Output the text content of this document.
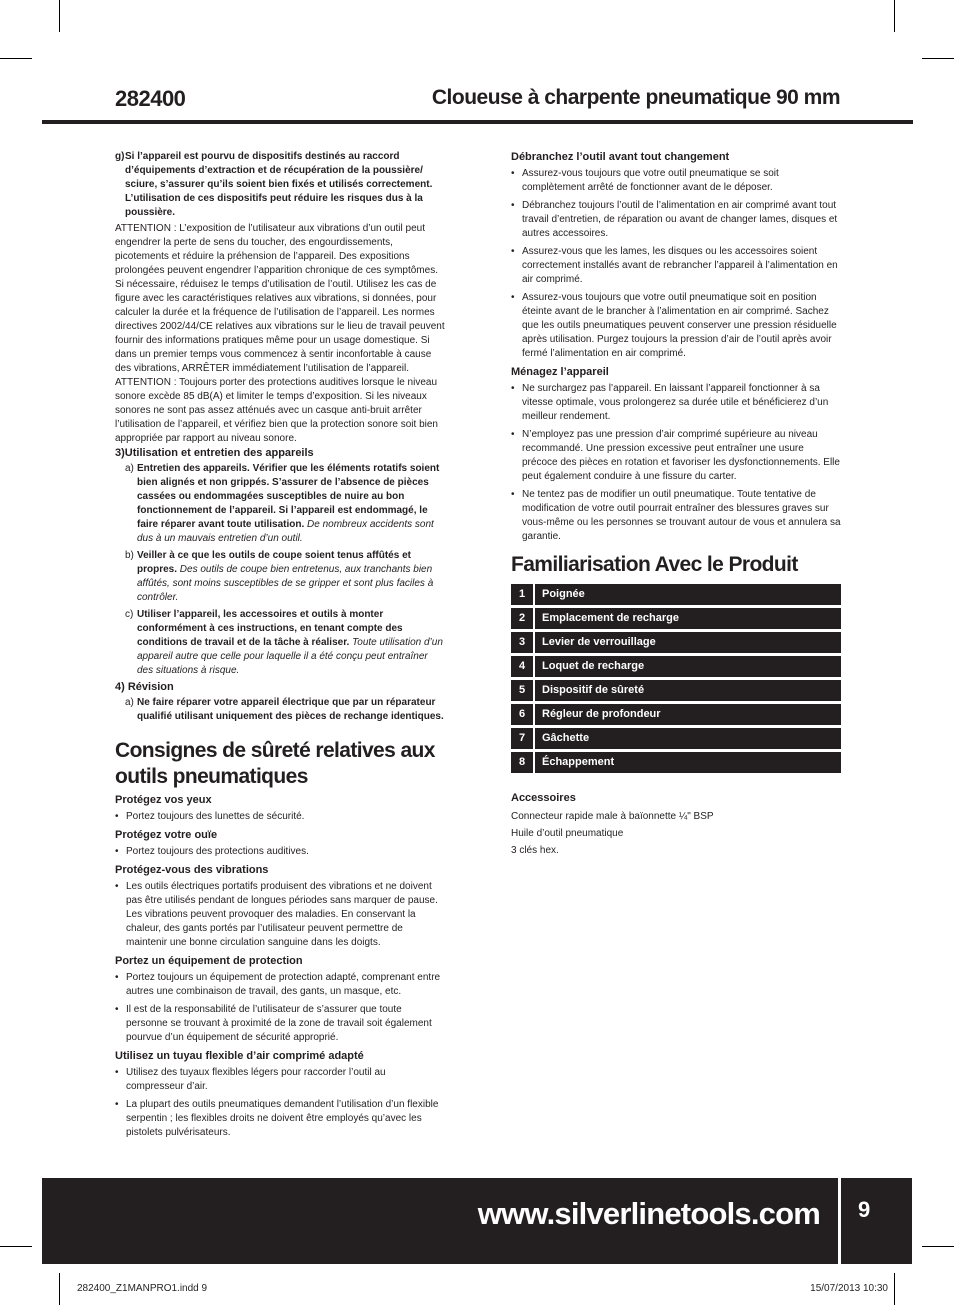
282400	Cloueuse à charpente pneumatique 90 mm

g) Si l’appareil est pourvu de dispositifs destinés au raccord d’équipements d’extraction et de récupération de la poussière/ sciure, s’assurer qu’ils soient bien fixés et utilisés correctement. L’utilisation de ces dispositifs peut réduire les risques dus à la poussière.

ATTENTION : L’exposition de l’utilisateur aux vibrations d’un outil peut engendrer la perte de sens du toucher, des engourdissements, picotements et réduire la préhension de l’appareil. Des expositions prolongées peuvent engendrer l’apparition chronique de ces symptômes. Si nécessaire, réduisez le temps d’utilisation de l’outil. Utilisez les cas de figure avec les caractéristiques relatives aux vibrations, si données, pour calculer la durée et la fréquence de l’utilisation de l’appareil. Les normes directives 2002/44/CE relatives aux vibrations sur le lieu de travail peuvent fournir des informations pratiques même pour un usage domestique. Si dans un premier temps vous commencez à sentir inconfortable à cause des vibrations, ARRÊTER immédiatement l’utilisation de l’appareil.

ATTENTION : Toujours porter des protections auditives lorsque le niveau sonore excède 85 dB(A) et limiter le temps d’exposition. Si les niveaux sonores ne sont pas assez atténués avec un casque anti-bruit arrêter l’utilisation de l’appareil, et vérifiez bien que la protection sonore soit bien appropriée par rapport au niveau sonore.

3)Utilisation et entretien des appareils

a) Entretien des appareils. Vérifier que les éléments rotatifs soient bien alignés et non grippés. S’assurer de l’absence de pièces cassées ou endommagées susceptibles de nuire au bon fonctionnement de l’appareil. Si l’appareil est endommagé, le faire réparer avant toute utilisation. De nombreux accidents sont dus à un mauvais entretien d’un outil.

b) Veiller à ce que les outils de coupe soient tenus affûtés et propres. Des outils de coupe bien entretenus, aux tranchants bien affûtés, sont moins susceptibles de se gripper et sont plus faciles à contrôler.

c) Utiliser l’appareil, les accessoires et outils à monter conformément à ces instructions, en tenant compte des conditions de travail et de la tâche à réaliser. Toute utilisation d’un appareil autre que celle pour laquelle il a été conçu peut entraîner des situations à risque.

4) Révision

a) Ne faire réparer votre appareil électrique que par un réparateur qualifié utilisant uniquement des pièces de rechange identiques.

Consignes de sûreté relatives aux outils pneumatiques

Protégez vos yeux

• Portez toujours des lunettes de sécurité.

Protégez votre ouïe

• Portez toujours des protections auditives.

Protégez-vous des vibrations

• Les outils électriques portatifs produisent des vibrations et ne doivent pas être utilisés pendant de longues périodes sans marquer de pause. Les vibrations peuvent provoquer des maladies. En conservant la chaleur, des gants portés par l’utilisateur peuvent permettre de maintenir une bonne circulation sanguine dans les doigts.

Portez un équipement de protection

• Portez toujours un équipement de protection adapté, comprenant entre autres une combinaison de travail, des gants, un masque, etc.
• Il est de la responsabilité de l’utilisateur de s’assurer que toute personne se trouvant à proximité de la zone de travail soit également pourvue d’un équipement de sécurité approprié.

Utilisez un tuyau flexible d’air comprimé adapté

• Utilisez des tuyaux flexibles légers pour raccorder l’outil au compresseur d’air.
• La plupart des outils pneumatiques demandent l’utilisation d’un flexible serpentin ; les flexibles droits ne doivent être employés qu’avec les pistolets pulvérisateurs.

Débranchez l’outil avant tout changement

• Assurez-vous toujours que votre outil pneumatique se soit complètement arrêté de fonctionner avant de le déposer.
• Débranchez toujours l’outil de l’alimentation en air comprimé avant tout travail d’entretien, de réparation ou avant de changer lames, disques et autres accessoires.
• Assurez-vous que les lames, les disques ou les accessoires soient correctement installés avant de rebrancher l’appareil à l’alimentation en air comprimé.
• Assurez-vous toujours que votre outil pneumatique soit en position éteinte avant de le brancher à l’alimentation en air comprimé. Sachez que les outils pneumatiques peuvent conserver une pression résiduelle après utilisation. Purgez toujours la pression d’air de l’outil après avoir fermé l’alimentation en air comprimé.

Ménagez l’appareil

• Ne surchargez pas l’appareil. En laissant l’appareil fonctionner à sa vitesse optimale, vous prolongerez sa durée utile et bénéficierez d’un meilleur rendement.
• N’employez pas une pression d’air comprimé supérieure au niveau recommandé. Une pression excessive peut entraîner une usure précoce des pièces en rotation et favoriser les dysfonctionnements. Elle peut également conduire à une fissure du carter.
• Ne tentez pas de modifier un outil pneumatique. Toute tentative de modification de votre outil pourrait entraîner des blessures graves sur vous-même ou les personnes se trouvant autour de vous et annulera sa garantie.
Familiarisation Avec le Produit
1	Poignée
2	Emplacement de recharge
3	Levier de verrouillage
4	Loquet de recharge
5	Dispositif de sûreté
6	Régleur de profondeur
7	Gâchette
8	Échappement

Accessoires

Connecteur rapide male à baïonnette ¼" BSP

Huile d’outil pneumatique

3 clés hex.

www.silverlinetools.com 9
282400_Z1MANPRO1.indd 9	15/07/2013 10:30
